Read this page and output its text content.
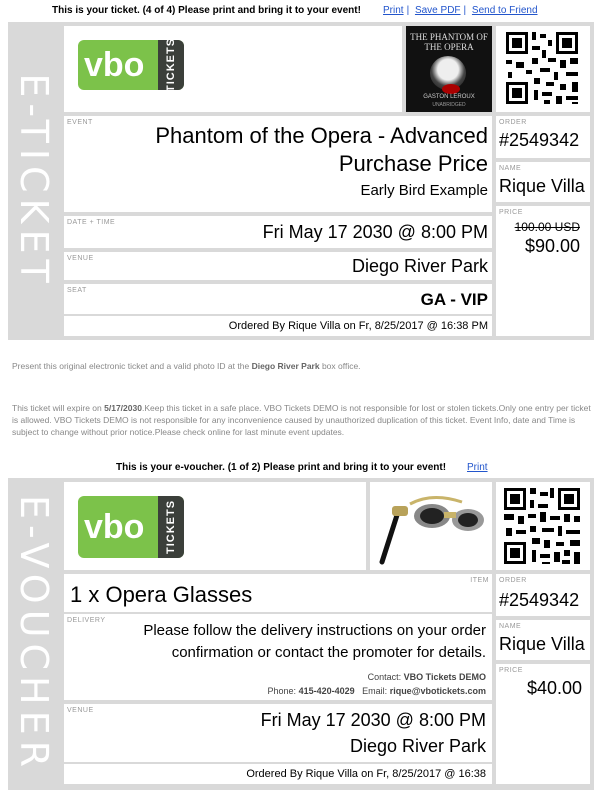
This is your ticket. (4 of 4) Please print and bring it to your event!	Print | Save PDF | Send to Friend
E-TICKET
vbo TICKETS
THE PHANTOM OF THE OPERA
GASTON LEROUX
UNABRIDGED
EVENT
Phantom of the Opera - Advanced Purchase Price
Early Bird Example
ORDER
#2549342
NAME
Rique Villa
PRICE
100.00 USD
$90.00
DATE + TIME	Fri May 17 2030 @ 8:00 PM
VENUE	Diego River Park
SEAT	GA - VIP
Ordered By Rique Villa on Fr, 8/25/2017 @ 16:38 PM
Present this original electronic ticket and a valid photo ID at the Diego River Park box office.
This ticket will expire on 5/17/2030.Keep this ticket in a safe place. VBO Tickets DEMO is not responsible for lost or stolen tickets.Only one entry per ticket is allowed. VBO Tickets DEMO is not responsible for any inconvenience caused by unauthorized duplication of this ticket. Event Info, date and Time is subject to change without prior notice.Please check online for last minute event updates.
This is your e-voucher. (1 of 2) Please print and bring it to your event!	Print
E-VOUCHER vbo TICKETS
ITEM
1 x Opera Glasses
ORDER
#2549342
DELIVERY
Please follow the delivery instructions on your order confirmation or contact the promoter for details.
Contact: VBO Tickets DEMO
Phone: 415-420-4029 Email: rique@vbotickets.com
NAME
Rique Villa
PRICE
$40.00
VENUE	Fri May 17 2030 @ 8:00 PM
Diego River Park
Ordered By Rique Villa on Fr, 8/25/2017 @ 16:38
